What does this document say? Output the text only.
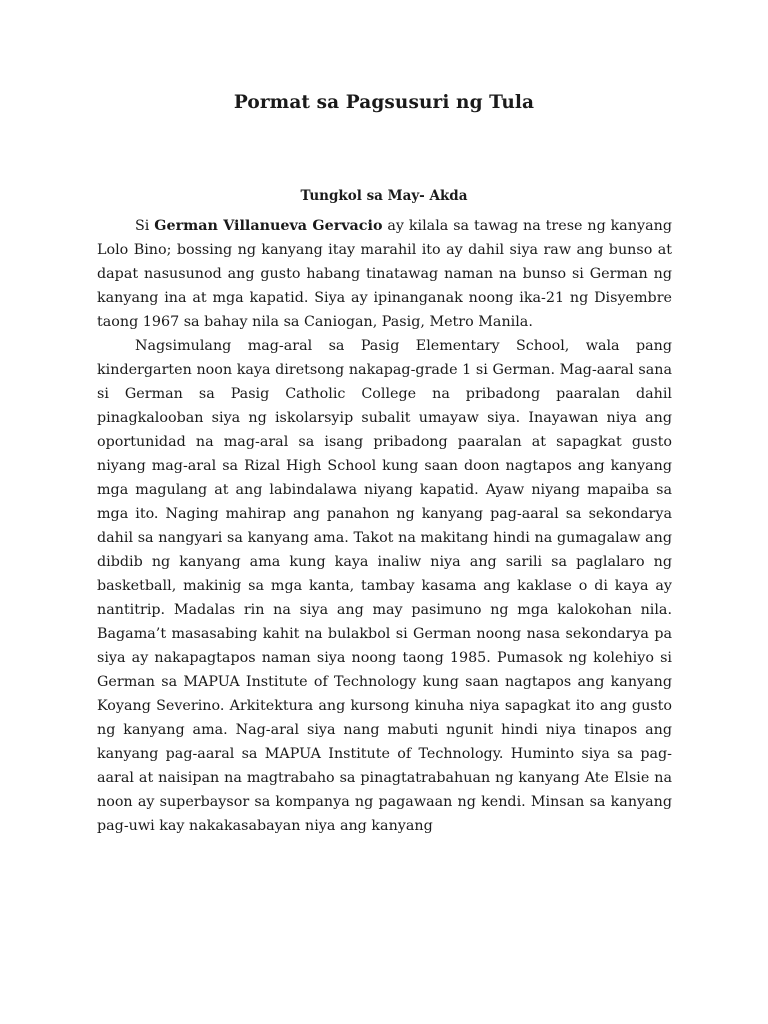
Pormat sa Pagsusuri ng Tula
Tungkol sa May- Akda

Si German Villanueva Gervacio ay kilala sa tawag na trese ng kanyang Lolo Bino; bossing ng kanyang itay marahil ito ay dahil siya raw ang bunso at dapat nasusunod ang gusto habang tinatawag naman na bunso si German ng kanyang ina at mga kapatid. Siya ay ipinanganak noong ika-21 ng Disyembre taong 1967 sa bahay nila sa Caniogan, Pasig, Metro Manila.

Nagsimulang mag-aral sa Pasig Elementary School, wala pang kindergarten noon kaya diretsong nakapag-grade 1 si German. Mag-aaral sana si German sa Pasig Catholic College na pribadong paaralan dahil pinagkalooban siya ng iskolarsyip subalit umayaw siya. Inayawan niya ang oportunidad na mag-aral sa isang pribadong paaralan at sapagkat gusto niyang mag-aral sa Rizal High School kung saan doon nagtapos ang kanyang mga magulang at ang labindalawa niyang kapatid. Ayaw niyang mapaiba sa mga ito. Naging mahirap ang panahon ng kanyang pag-aaral sa sekondarya dahil sa nangyari sa kanyang ama. Takot na makitang hindi na gumagalaw ang dibdib ng kanyang ama kung kaya inaliw niya ang sarili sa paglalaro ng basketball, makinig sa mga kanta, tambay kasama ang kaklase o di kaya ay nantitrip. Madalas rin na siya ang may pasimuno ng mga kalokohan nila. Bagama’t masasabing kahit na bulakbol si German noong nasa sekondarya pa siya ay nakapagtapos naman siya noong taong 1985. Pumasok ng kolehiyo si German sa MAPUA Institute of Technology kung saan nagtapos ang kanyang Koyang Severino. Arkitektura ang kursong kinuha niya sapagkat ito ang gusto ng kanyang ama. Nag-aral siya nang mabuti ngunit hindi niya tinapos ang kanyang pag-aaral sa MAPUA Institute of Technology. Huminto siya sa pag-aaral at naisipan na magtrabaho sa pinagtatrabahuan ng kanyang Ate Elsie na noon ay superbaysor sa kompanya ng pagawaan ng kendi. Minsan sa kanyang pag-uwi kay nakakasabayan niya ang kanyang
